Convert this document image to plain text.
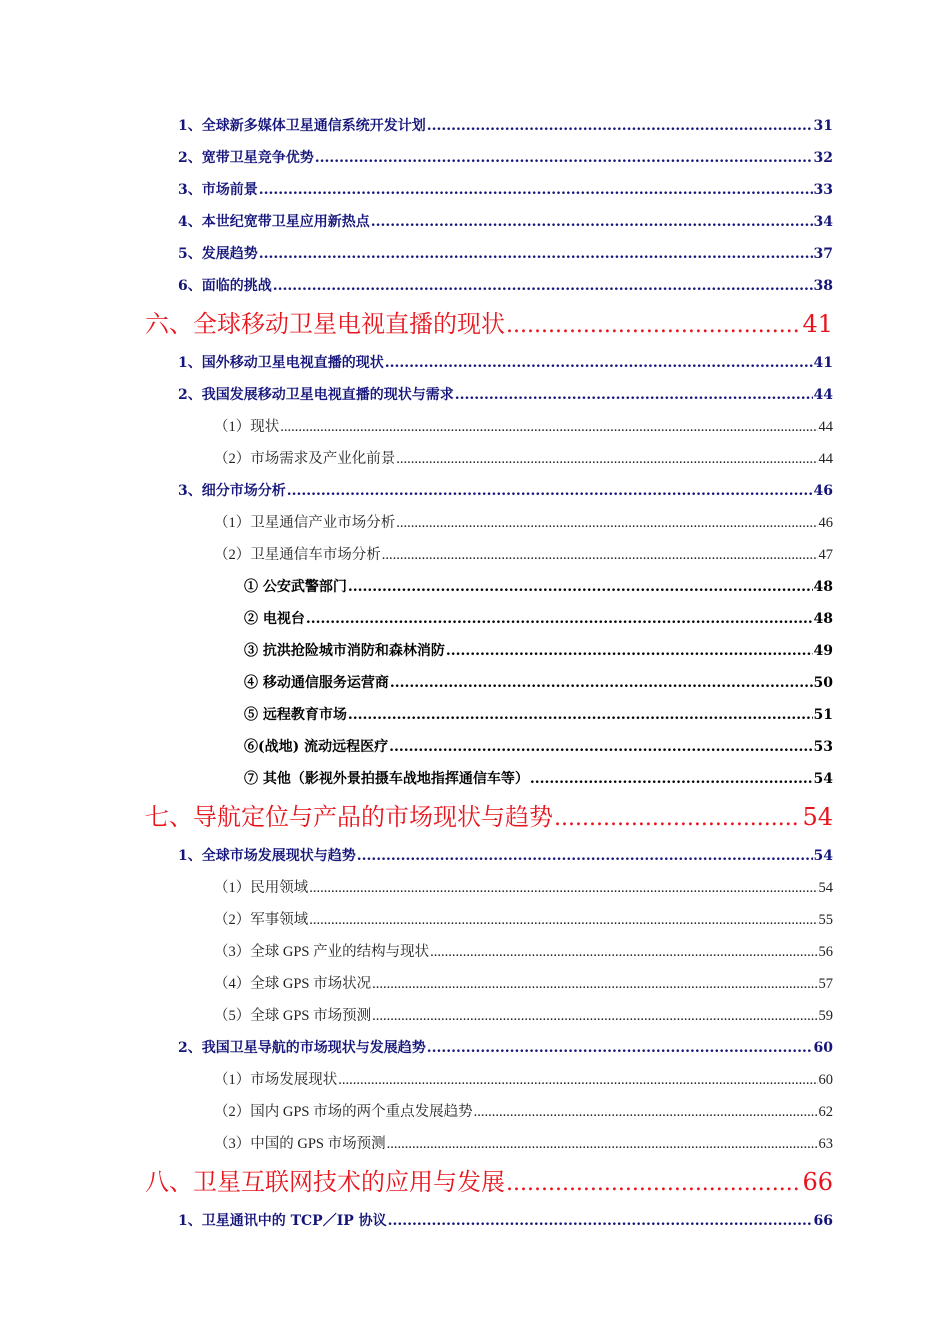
1、全球新多媒体卫星通信系统开发计划 .....	31
2、宽带卫星竞争优势 .....	32
3、市场前景 .....	33
4、本世纪宽带卫星应用新热点 .....	34
5、发展趋势 .....	37
6、面临的挑战 .....	38
六、全球移动卫星电视直播的现状 .....	41
1、国外移动卫星电视直播的现状 .....	41
2、我国发展移动卫星电视直播的现状与需求 .....	44
（1）现状 .....	44
（2）市场需求及产业化前景 .....	44
3、细分市场分析 .....	46
（1）卫星通信产业市场分析 .....	46
（2）卫星通信车市场分析 .....	47
① 公安武警部门 .....	48
② 电视台 .....	48
③ 抗洪抢险城市消防和森林消防 .....	49
④ 移动通信服务运营商 .....	50
⑤ 远程教育市场 .....	51
⑥(战地) 流动远程医疗 .....	53
⑦ 其他（影视外景拍摄车战地指挥通信车等） .....	54
七、导航定位与产品的市场现状与趋势 .....	54
1、全球市场发展现状与趋势 .....	54
（1）民用领域 .....	54
（2）军事领域 .....	55
（3）全球 GPS 产业的结构与现状 .....	56
（4）全球 GPS 市场状况 .....	57
（5）全球 GPS 市场预测 .....	59
2、我国卫星导航的市场现状与发展趋势 .....	60
（1）市场发展现状 .....	60
（2）国内 GPS 市场的两个重点发展趋势 .....	62
（3）中国的 GPS 市场预测 .....	63
八、卫星互联网技术的应用与发展 .....	66
1、卫星通讯中的 TCP／IP 协议 .....	66
